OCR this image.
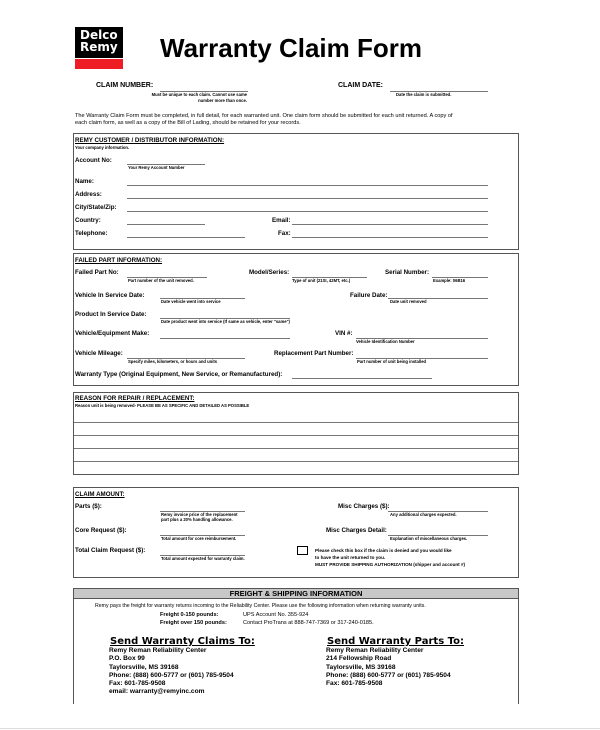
Delco
Remy Warranty Claim Form
CLAIM NUMBER:
Must be unique to each claim. Cannot use same
number more than once.
CLAIM DATE:
Date the claim is submitted.
The Warranty Claim Form must be completed, in full detail, for each warranted unit. One claim form should be submitted for each unit returned. A copy of
each claim form, as well as a copy of the Bill of Lading, should be retained for your records.
REMY CUSTOMER / DISTRIBUTOR INFORMATION:
Your company information.
Account No:
Your Remy Account Number
Name:
Address:
City/State/Zip:
Country:	Email:
Telephone:	Fax:
FAILED PART INFORMATION:
Failed Part No:
Part number of the unit removed.
Model/Series:
Type of unit (21SI, 42MT, etc.)
Serial Number:
Example: 06B16
Vehicle In Service Date:
Date vehicle went into service
Failure Date:
Date unit removed
Product In Service Date:
Date product went into service (If same as vehicle, enter "same")
Vehicle/Equipment Make:	VIN #:
Vehicle Identification Number
Vehicle Mileage:
Specify miles, kilometers, or hours and units
Replacement Part Number:
Part number of unit being installed
Warranty Type (Original Equipment, New Service, or Remanufactured):
REASON FOR REPAIR / REPLACEMENT:
Reason unit is being removed- PLEASE BE AS SPECIFIC AND DETAILED AS POSSIBLE
CLAIM AMOUNT:
Parts ($):
Remy invoice price of the replacement
part plus a 20% handling allowance.
Misc Charges ($):
Any additional charges expected.
Core Request ($):
Total amount for core reimbursement.
Misc Charges Detail:
Explanation of miscellaneous charges.
Total Claim Request ($):
Total amount expected for warranty claim.
Please check this box if the claim is denied and you would like
to have the unit returned to you.
MUST PROVIDE SHIPPING AUTHORIZATION (shipper and account #)
FREIGHT & SHIPPING INFORMATION
Remy pays the freight for warranty returns incoming to the Reliability Center. Please use the following information when returning warranty units.
Freight 0-150 pounds:	UPS Account No. 355-924
Freight over 150 pounds:	Contact ProTrans at 888-747-7369 or 317-240-0185.
Send Warranty Claims To:
Remy Reman Reliability Center
P.O. Box 99
Taylorsville, MS 39168
Phone: (888) 600-5777 or (601) 785-9504
Fax: 601-785-9508
email: warranty@remyinc.com
Send Warranty Parts To:
Remy Reman Reliability Center
214 Fellowship Road
Taylorsville, MS 39168
Phone: (888) 600-5777 or (601) 785-9504
Fax: 601-785-9508
